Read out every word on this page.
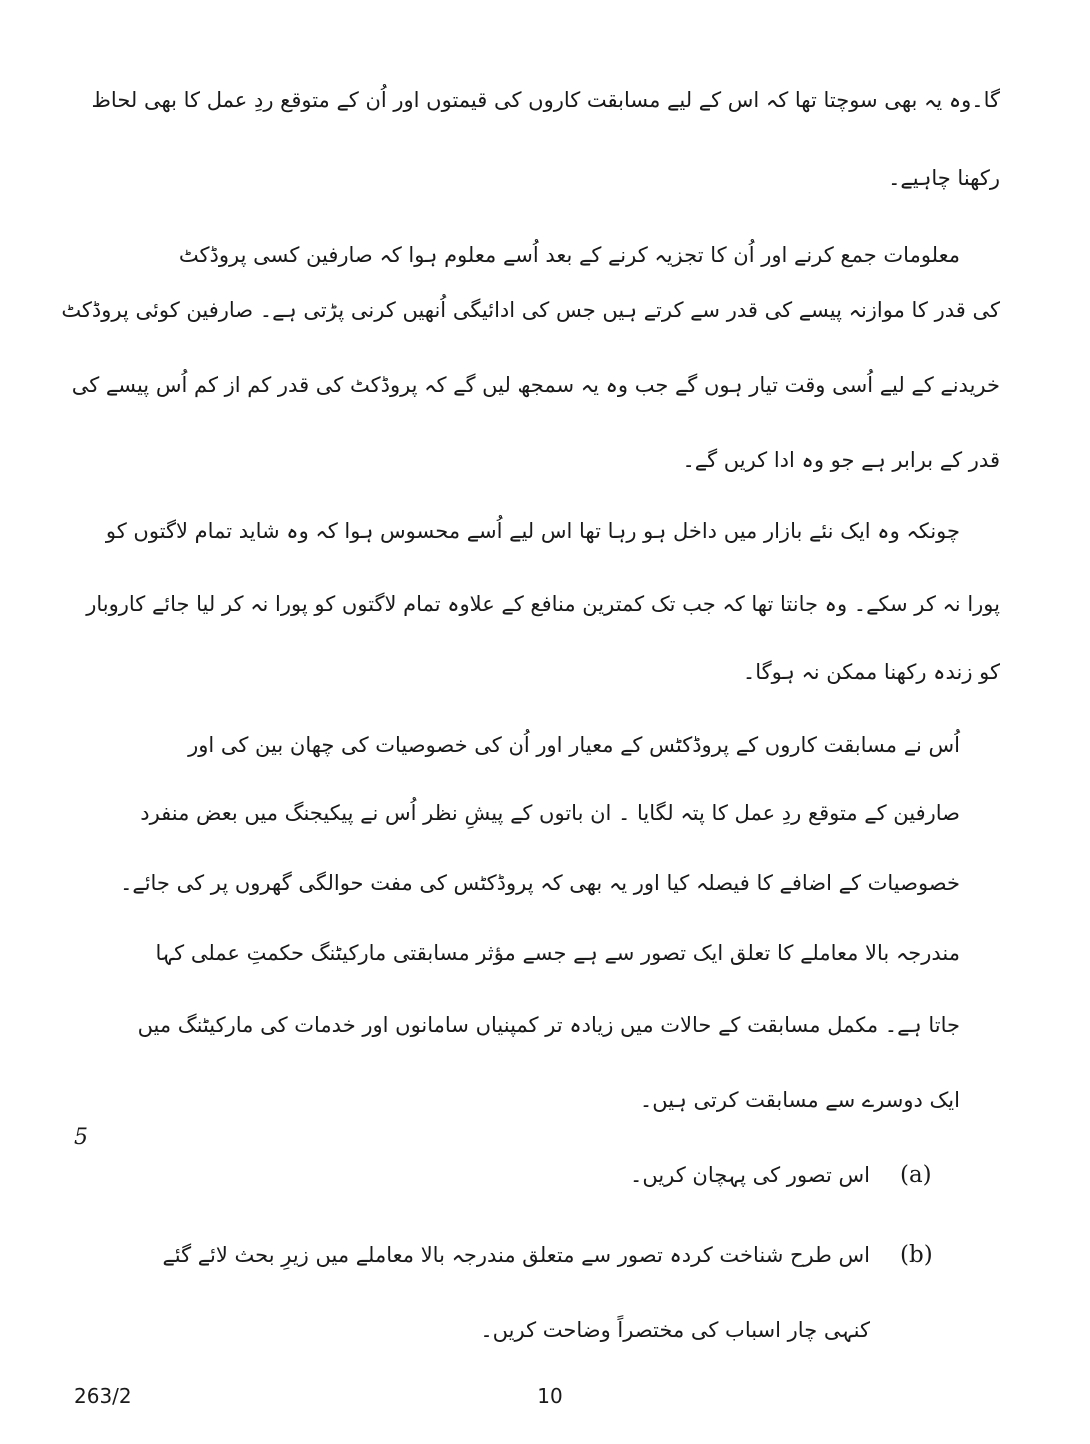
گا۔وہ یہ بھی سوچتا تھا کہ اس کے لیے مسابقت کاروں کی قیمتوں اور اُن کے متوقع ردِ عمل کا بھی لحاظ
رکھنا چاہیے۔
معلومات جمع کرنے اور اُن کا تجزیہ کرنے کے بعد اُسے معلوم ہوا کہ صارفین کسی پروڈکٹ
کی قدر کا موازنہ پیسے کی قدر سے کرتے ہیں جس کی ادائیگی اُنھیں کرنی پڑتی ہے۔ صارفین کوئی پروڈکٹ
خریدنے کے لیے اُسی وقت تیار ہوں گے جب وہ یہ سمجھ لیں گے کہ پروڈکٹ کی قدر کم از کم اُس پیسے کی
قدر کے برابر ہے جو وہ ادا کریں گے۔
چونکہ وہ ایک نئے بازار میں داخل ہو رہا تھا اس لیے اُسے محسوس ہوا کہ وہ شاید تمام لاگتوں کو
پورا نہ کر سکے۔ وہ جانتا تھا کہ جب تک کمترین منافع کے علاوہ تمام لاگتوں کو پورا نہ کر لیا جائے کاروبار
کو زندہ رکھنا ممکن نہ ہوگا۔
اُس نے مسابقت کاروں کے پروڈکٹس کے معیار اور اُن کی خصوصیات کی چھان بین کی اور
صارفین کے متوقع ردِ عمل کا پتہ لگایا ۔ ان باتوں کے پیشِ نظر اُس نے پیکیجنگ میں بعض منفرد
خصوصیات کے اضافے کا فیصلہ کیا اور یہ بھی کہ پروڈکٹس کی مفت حوالگی گھروں پر کی جائے۔
مندرجہ بالا معاملے کا تعلق ایک تصور سے ہے جسے مؤثر مسابقتی مارکیٹنگ حکمتِ عملی کہا
جاتا ہے۔ مکمل مسابقت کے حالات میں زیادہ تر کمپنیاں سامانوں اور خدمات کی مارکیٹنگ میں
ایک دوسرے سے مسابقت کرتی ہیں۔
(a)
اس تصور کی پہچان کریں۔
(b)
اس طرح شناخت کردہ تصور سے متعلق مندرجہ بالا معاملے میں زیرِ بحث لائے گئے
کنہی چار اسباب کی مختصراً وضاحت کریں۔
5
263/2	10
